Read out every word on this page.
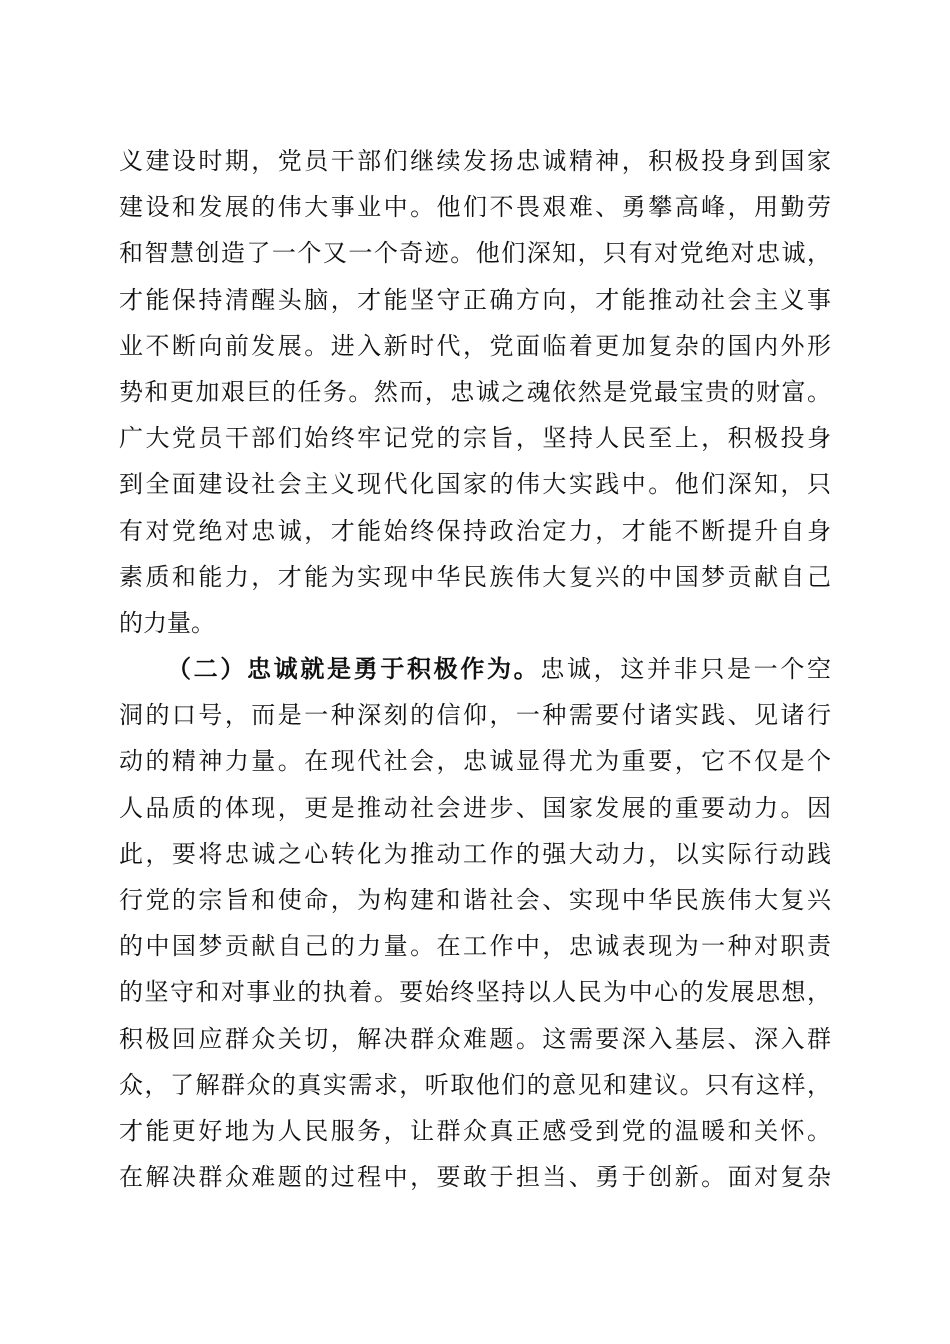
义建设时期，党员干部们继续发扬忠诚精神，积极投身到国家
建设和发展的伟大事业中。他们不畏艰难、勇攀高峰，用勤劳
和智慧创造了一个又一个奇迹。他们深知，只有对党绝对忠诚，
才能保持清醒头脑，才能坚守正确方向，才能推动社会主义事
业不断向前发展。进入新时代，党面临着更加复杂的国内外形
势和更加艰巨的任务。然而，忠诚之魂依然是党最宝贵的财富。
广大党员干部们始终牢记党的宗旨，坚持人民至上，积极投身
到全面建设社会主义现代化国家的伟大实践中。他们深知，只
有对党绝对忠诚，才能始终保持政治定力，才能不断提升自身
素质和能力，才能为实现中华民族伟大复兴的中国梦贡献自己
的力量。
（二）忠诚就是勇于积极作为。忠诚，这并非只是一个空
洞的口号，而是一种深刻的信仰，一种需要付诸实践、见诸行
动的精神力量。在现代社会，忠诚显得尤为重要，它不仅是个
人品质的体现，更是推动社会进步、国家发展的重要动力。因
此，要将忠诚之心转化为推动工作的强大动力，以实际行动践
行党的宗旨和使命，为构建和谐社会、实现中华民族伟大复兴
的中国梦贡献自己的力量。在工作中，忠诚表现为一种对职责
的坚守和对事业的执着。要始终坚持以人民为中心的发展思想，
积极回应群众关切，解决群众难题。这需要深入基层、深入群
众，了解群众的真实需求，听取他们的意见和建议。只有这样，
才能更好地为人民服务，让群众真正感受到党的温暖和关怀。
在解决群众难题的过程中，要敢于担当、勇于创新。面对复杂
